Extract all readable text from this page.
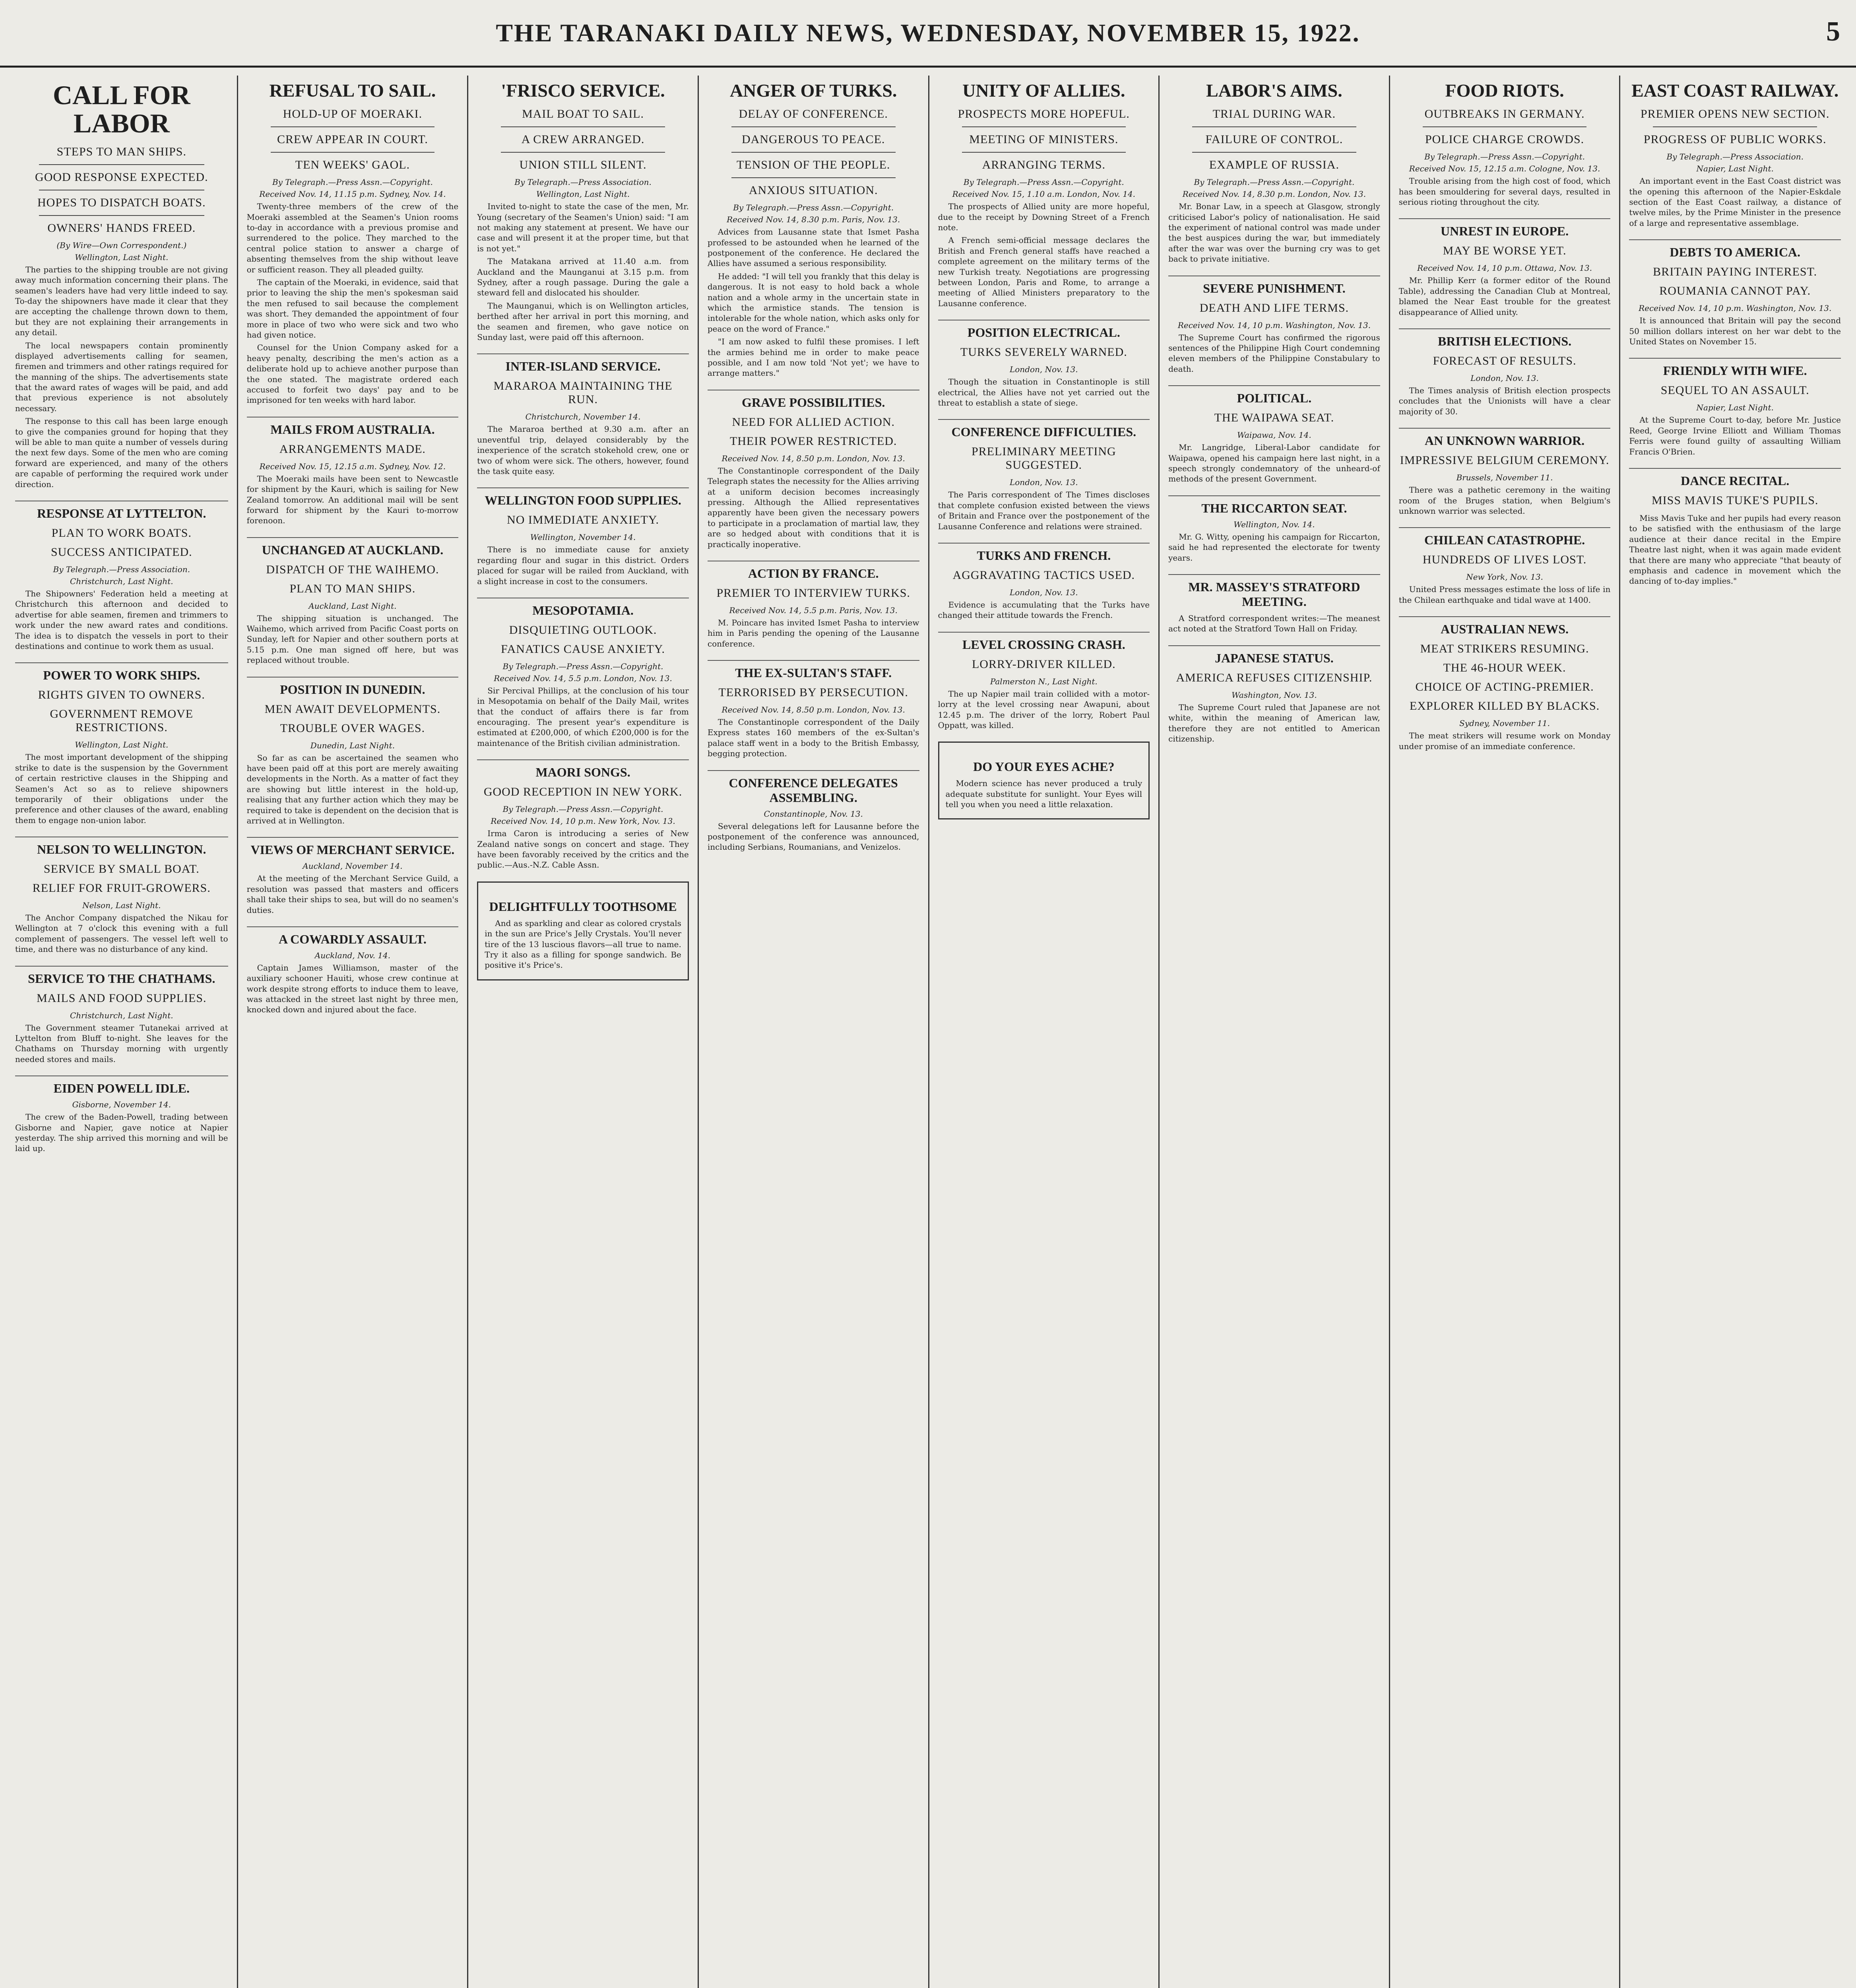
THE TARANAKI DAILY NEWS, WEDNESDAY, NOVEMBER 15, 1922.	5
CALL FOR LABOR
STEPS TO MAN SHIPS.
GOOD RESPONSE EXPECTED.
HOPES TO DISPATCH BOATS.
OWNERS' HANDS FREED.
(By Wire—Own Correspondent.)
Wellington, Last Night.

The parties to the shipping trouble are not giving away much information concerning their plans. The seamen's leaders have had very little indeed to say. To-day the shipowners have made it clear that they are accepting the challenge thrown down to them, but they are not explaining their arrangements in any detail.

The local newspapers contain prominently displayed advertisements calling for seamen, firemen and trimmers and other ratings required for the manning of the ships. The advertisements state that the award rates of wages will be paid, and add that previous experience is not absolutely necessary.

The response to this call has been large enough to give the companies ground for hoping that they will be able to man quite a number of vessels during the next few days. Some of the men who are coming forward are experienced, and many of the others are capable of performing the required work under direction.

RESPONSE AT LYTTELTON.
PLAN TO WORK BOATS.
SUCCESS ANTICIPATED.
By Telegraph.—Press Association.
Christchurch, Last Night.

The Shipowners' Federation held a meeting at Christchurch this afternoon and decided to advertise for able seamen, firemen and trimmers to work under the new award rates and conditions. The idea is to dispatch the vessels in port to their destinations and continue to work them as usual.

POWER TO WORK SHIPS.
RIGHTS GIVEN TO OWNERS.
GOVERNMENT REMOVE RESTRICTIONS.
Wellington, Last Night.

The most important development of the shipping strike to date is the suspension by the Government of certain restrictive clauses in the Shipping and Seamen's Act so as to relieve shipowners temporarily of their obligations under the preference and other clauses of the award, enabling them to engage non-union labor.

NELSON TO WELLINGTON.
SERVICE BY SMALL BOAT.
RELIEF FOR FRUIT-GROWERS.
Nelson, Last Night.

The Anchor Company dispatched the Nikau for Wellington at 7 o'clock this evening with a full complement of passengers. The vessel left well to time, and there was no disturbance of any kind.

SERVICE TO THE CHATHAMS.
MAILS AND FOOD SUPPLIES.
Christchurch, Last Night.

The Government steamer Tutanekai arrived at Lyttelton from Bluff to-night. She leaves for the Chathams on Thursday morning with urgently needed stores and mails.

EIDEN POWELL IDLE.
Gisborne, November 14.

The crew of the Baden-Powell, trading between Gisborne and Napier, gave notice at Napier yesterday. The ship arrived this morning and will be laid up.

REFUSAL TO SAIL.
HOLD-UP OF MOERAKI.
CREW APPEAR IN COURT.
TEN WEEKS' GAOL.
By Telegraph.—Press Assn.—Copyright.
Received Nov. 14, 11.15 p.m. Sydney, Nov. 14.

Twenty-three members of the crew of the Moeraki assembled at the Seamen's Union rooms to-day in accordance with a previous promise and surrendered to the police. They marched to the central police station to answer a charge of absenting themselves from the ship without leave or sufficient reason. They all pleaded guilty.

The captain of the Moeraki, in evidence, said that prior to leaving the ship the men's spokesman said the men refused to sail because the complement was short. They demanded the appointment of four more in place of two who were sick and two who had given notice.

Counsel for the Union Company asked for a heavy penalty, describing the men's action as a deliberate hold up to achieve another purpose than the one stated. The magistrate ordered each accused to forfeit two days' pay and to be imprisoned for ten weeks with hard labor.

MAILS FROM AUSTRALIA.
ARRANGEMENTS MADE.
Received Nov. 15, 12.15 a.m. Sydney, Nov. 12.

The Moeraki mails have been sent to Newcastle for shipment by the Kauri, which is sailing for New Zealand tomorrow. An additional mail will be sent forward for shipment by the Kauri to-morrow forenoon.

UNCHANGED AT AUCKLAND.
DISPATCH OF THE WAIHEMO.
PLAN TO MAN SHIPS.
Auckland, Last Night.

The shipping situation is unchanged. The Waihemo, which arrived from Pacific Coast ports on Sunday, left for Napier and other southern ports at 5.15 p.m. One man signed off here, but was replaced without trouble.

POSITION IN DUNEDIN.
MEN AWAIT DEVELOPMENTS.
TROUBLE OVER WAGES.
Dunedin, Last Night.

So far as can be ascertained the seamen who have been paid off at this port are merely awaiting developments in the North. As a matter of fact they are showing but little interest in the hold-up, realising that any further action which they may be required to take is dependent on the decision that is arrived at in Wellington.

VIEWS OF MERCHANT SERVICE.
Auckland, November 14.

At the meeting of the Merchant Service Guild, a resolution was passed that masters and officers shall take their ships to sea, but will do no seamen's duties.

A COWARDLY ASSAULT.
Auckland, Nov. 14.

Captain James Williamson, master of the auxiliary schooner Hauiti, whose crew continue at work despite strong efforts to induce them to leave, was attacked in the street last night by three men, knocked down and injured about the face.

'FRISCO SERVICE.
MAIL BOAT TO SAIL.
A CREW ARRANGED.
UNION STILL SILENT.
By Telegraph.—Press Association.
Wellington, Last Night.

Invited to-night to state the case of the men, Mr. Young (secretary of the Seamen's Union) said: "I am not making any statement at present. We have our case and will present it at the proper time, but that is not yet."

The Matakana arrived at 11.40 a.m. from Auckland and the Maunganui at 3.15 p.m. from Sydney, after a rough passage. During the gale a steward fell and dislocated his shoulder.

The Maunganui, which is on Wellington articles, berthed after her arrival in port this morning, and the seamen and firemen, who gave notice on Sunday last, were paid off this afternoon.

INTER-ISLAND SERVICE.
MARAROA MAINTAINING THE RUN.
Christchurch, November 14.

The Mararoa berthed at 9.30 a.m. after an uneventful trip, delayed considerably by the inexperience of the scratch stokehold crew, one or two of whom were sick. The others, however, found the task quite easy.

WELLINGTON FOOD SUPPLIES.
NO IMMEDIATE ANXIETY.
Wellington, November 14.

There is no immediate cause for anxiety regarding flour and sugar in this district. Orders placed for sugar will be railed from Auckland, with a slight increase in cost to the consumers.

MESOPOTAMIA.
DISQUIETING OUTLOOK.
FANATICS CAUSE ANXIETY.
By Telegraph.—Press Assn.—Copyright.
Received Nov. 14, 5.5 p.m. London, Nov. 13.

Sir Percival Phillips, at the conclusion of his tour in Mesopotamia on behalf of the Daily Mail, writes that the conduct of affairs there is far from encouraging. The present year's expenditure is estimated at £200,000, of which £200,000 is for the maintenance of the British civilian administration.

MAORI SONGS.
GOOD RECEPTION IN NEW YORK.
By Telegraph.—Press Assn.—Copyright.
Received Nov. 14, 10 p.m. New York, Nov. 13.

Irma Caron is introducing a series of New Zealand native songs on concert and stage. They have been favorably received by the critics and the public.—Aus.-N.Z. Cable Assn.

DELIGHTFULLY TOOTHSOME

And as sparkling and clear as colored crystals in the sun are Price's Jelly Crystals. You'll never tire of the 13 luscious flavors—all true to name. Try it also as a filling for sponge sandwich. Be positive it's Price's.

ANGER OF TURKS.
DELAY OF CONFERENCE.
DANGEROUS TO PEACE.
TENSION OF THE PEOPLE.
ANXIOUS SITUATION.
By Telegraph.—Press Assn.—Copyright.
Received Nov. 14, 8.30 p.m. Paris, Nov. 13.

Advices from Lausanne state that Ismet Pasha professed to be astounded when he learned of the postponement of the conference. He declared the Allies have assumed a serious responsibility.

He added: "I will tell you frankly that this delay is dangerous. It is not easy to hold back a whole nation and a whole army in the uncertain state in which the armistice stands. The tension is intolerable for the whole nation, which asks only for peace on the word of France."

"I am now asked to fulfil these promises. I left the armies behind me in order to make peace possible, and I am now told 'Not yet'; we have to arrange matters."

GRAVE POSSIBILITIES.
NEED FOR ALLIED ACTION.
THEIR POWER RESTRICTED.
Received Nov. 14, 8.50 p.m. London, Nov. 13.

The Constantinople correspondent of the Daily Telegraph states the necessity for the Allies arriving at a uniform decision becomes increasingly pressing. Although the Allied representatives apparently have been given the necessary powers to participate in a proclamation of martial law, they are so hedged about with conditions that it is practically inoperative.

ACTION BY FRANCE.
PREMIER TO INTERVIEW TURKS.
Received Nov. 14, 5.5 p.m. Paris, Nov. 13.

M. Poincare has invited Ismet Pasha to interview him in Paris pending the opening of the Lausanne conference.

THE EX-SULTAN'S STAFF.
TERRORISED BY PERSECUTION.
Received Nov. 14, 8.50 p.m. London, Nov. 13.

The Constantinople correspondent of the Daily Express states 160 members of the ex-Sultan's palace staff went in a body to the British Embassy, begging protection.

CONFERENCE DELEGATES ASSEMBLING.
Constantinople, Nov. 13.

Several delegations left for Lausanne before the postponement of the conference was announced, including Serbians, Roumanians, and Venizelos.

UNITY OF ALLIES.
PROSPECTS MORE HOPEFUL.
MEETING OF MINISTERS.
ARRANGING TERMS.
By Telegraph.—Press Assn.—Copyright.
Received Nov. 15, 1.10 a.m. London, Nov. 14.

The prospects of Allied unity are more hopeful, due to the receipt by Downing Street of a French note.

A French semi-official message declares the British and French general staffs have reached a complete agreement on the military terms of the new Turkish treaty. Negotiations are progressing between London, Paris and Rome, to arrange a meeting of Allied Ministers preparatory to the Lausanne conference.

POSITION ELECTRICAL.
TURKS SEVERELY WARNED.
London, Nov. 13.

Though the situation in Constantinople is still electrical, the Allies have not yet carried out the threat to establish a state of siege.

CONFERENCE DIFFICULTIES.
PRELIMINARY MEETING SUGGESTED.
London, Nov. 13.

The Paris correspondent of The Times discloses that complete confusion existed between the views of Britain and France over the postponement of the Lausanne Conference and relations were strained.

TURKS AND FRENCH.
AGGRAVATING TACTICS USED.
London, Nov. 13.

Evidence is accumulating that the Turks have changed their attitude towards the French.

LEVEL CROSSING CRASH.
LORRY-DRIVER KILLED.
Palmerston N., Last Night.

The up Napier mail train collided with a motor-lorry at the level crossing near Awapuni, about 12.45 p.m. The driver of the lorry, Robert Paul Oppatt, was killed.

DO YOUR EYES ACHE?

Modern science has never produced a truly adequate substitute for sunlight. Your Eyes will tell you when you need a little relaxation.

LABOR'S AIMS.
TRIAL DURING WAR.
FAILURE OF CONTROL.
EXAMPLE OF RUSSIA.
By Telegraph.—Press Assn.—Copyright.
Received Nov. 14, 8.30 p.m. London, Nov. 13.

Mr. Bonar Law, in a speech at Glasgow, strongly criticised Labor's policy of nationalisation. He said the experiment of national control was made under the best auspices during the war, but immediately after the war was over the burning cry was to get back to private initiative.

SEVERE PUNISHMENT.
DEATH AND LIFE TERMS.
Received Nov. 14, 10 p.m. Washington, Nov. 13.

The Supreme Court has confirmed the rigorous sentences of the Philippine High Court condemning eleven members of the Philippine Constabulary to death.

POLITICAL.
THE WAIPAWA SEAT.
Waipawa, Nov. 14.

Mr. Langridge, Liberal-Labor candidate for Waipawa, opened his campaign here last night, in a speech strongly condemnatory of the unheard-of methods of the present Government.

THE RICCARTON SEAT.
Wellington, Nov. 14.

Mr. G. Witty, opening his campaign for Riccarton, said he had represented the electorate for twenty years.

MR. MASSEY'S STRATFORD MEETING.

A Stratford correspondent writes:—The meanest act noted at the Stratford Town Hall on Friday.

JAPANESE STATUS.
AMERICA REFUSES CITIZENSHIP.
Washington, Nov. 13.

The Supreme Court ruled that Japanese are not white, within the meaning of American law, therefore they are not entitled to American citizenship.

FOOD RIOTS.
OUTBREAKS IN GERMANY.
POLICE CHARGE CROWDS.
By Telegraph.—Press Assn.—Copyright.
Received Nov. 15, 12.15 a.m. Cologne, Nov. 13.

Trouble arising from the high cost of food, which has been smouldering for several days, resulted in serious rioting throughout the city.

UNREST IN EUROPE.
MAY BE WORSE YET.
Received Nov. 14, 10 p.m. Ottawa, Nov. 13.

Mr. Phillip Kerr (a former editor of the Round Table), addressing the Canadian Club at Montreal, blamed the Near East trouble for the greatest disappearance of Allied unity.

BRITISH ELECTIONS.
FORECAST OF RESULTS.
London, Nov. 13.

The Times analysis of British election prospects concludes that the Unionists will have a clear majority of 30.

AN UNKNOWN WARRIOR.
IMPRESSIVE BELGIUM CEREMONY.
Brussels, November 11.

There was a pathetic ceremony in the waiting room of the Bruges station, when Belgium's unknown warrior was selected.

CHILEAN CATASTROPHE.
HUNDREDS OF LIVES LOST.
New York, Nov. 13.

United Press messages estimate the loss of life in the Chilean earthquake and tidal wave at 1400.

AUSTRALIAN NEWS.
MEAT STRIKERS RESUMING.
THE 46-HOUR WEEK.
CHOICE OF ACTING-PREMIER.
EXPLORER KILLED BY BLACKS.
Sydney, November 11.

The meat strikers will resume work on Monday under promise of an immediate conference.

EAST COAST RAILWAY.
PREMIER OPENS NEW SECTION.
PROGRESS OF PUBLIC WORKS.
By Telegraph.—Press Association.
Napier, Last Night.

An important event in the East Coast district was the opening this afternoon of the Napier-Eskdale section of the East Coast railway, a distance of twelve miles, by the Prime Minister in the presence of a large and representative assemblage.

DEBTS TO AMERICA.
BRITAIN PAYING INTEREST.
ROUMANIA CANNOT PAY.
Received Nov. 14, 10 p.m. Washington, Nov. 13.

It is announced that Britain will pay the second 50 million dollars interest on her war debt to the United States on November 15.

FRIENDLY WITH WIFE.
SEQUEL TO AN ASSAULT.
Napier, Last Night.

At the Supreme Court to-day, before Mr. Justice Reed, George Irvine Elliott and William Thomas Ferris were found guilty of assaulting William Francis O'Brien.

DANCE RECITAL.
MISS MAVIS TUKE'S PUPILS.

Miss Mavis Tuke and her pupils had every reason to be satisfied with the enthusiasm of the large audience at their dance recital in the Empire Theatre last night, when it was again made evident that there are many who appreciate "that beauty of emphasis and cadence in movement which the dancing of to-day implies."
